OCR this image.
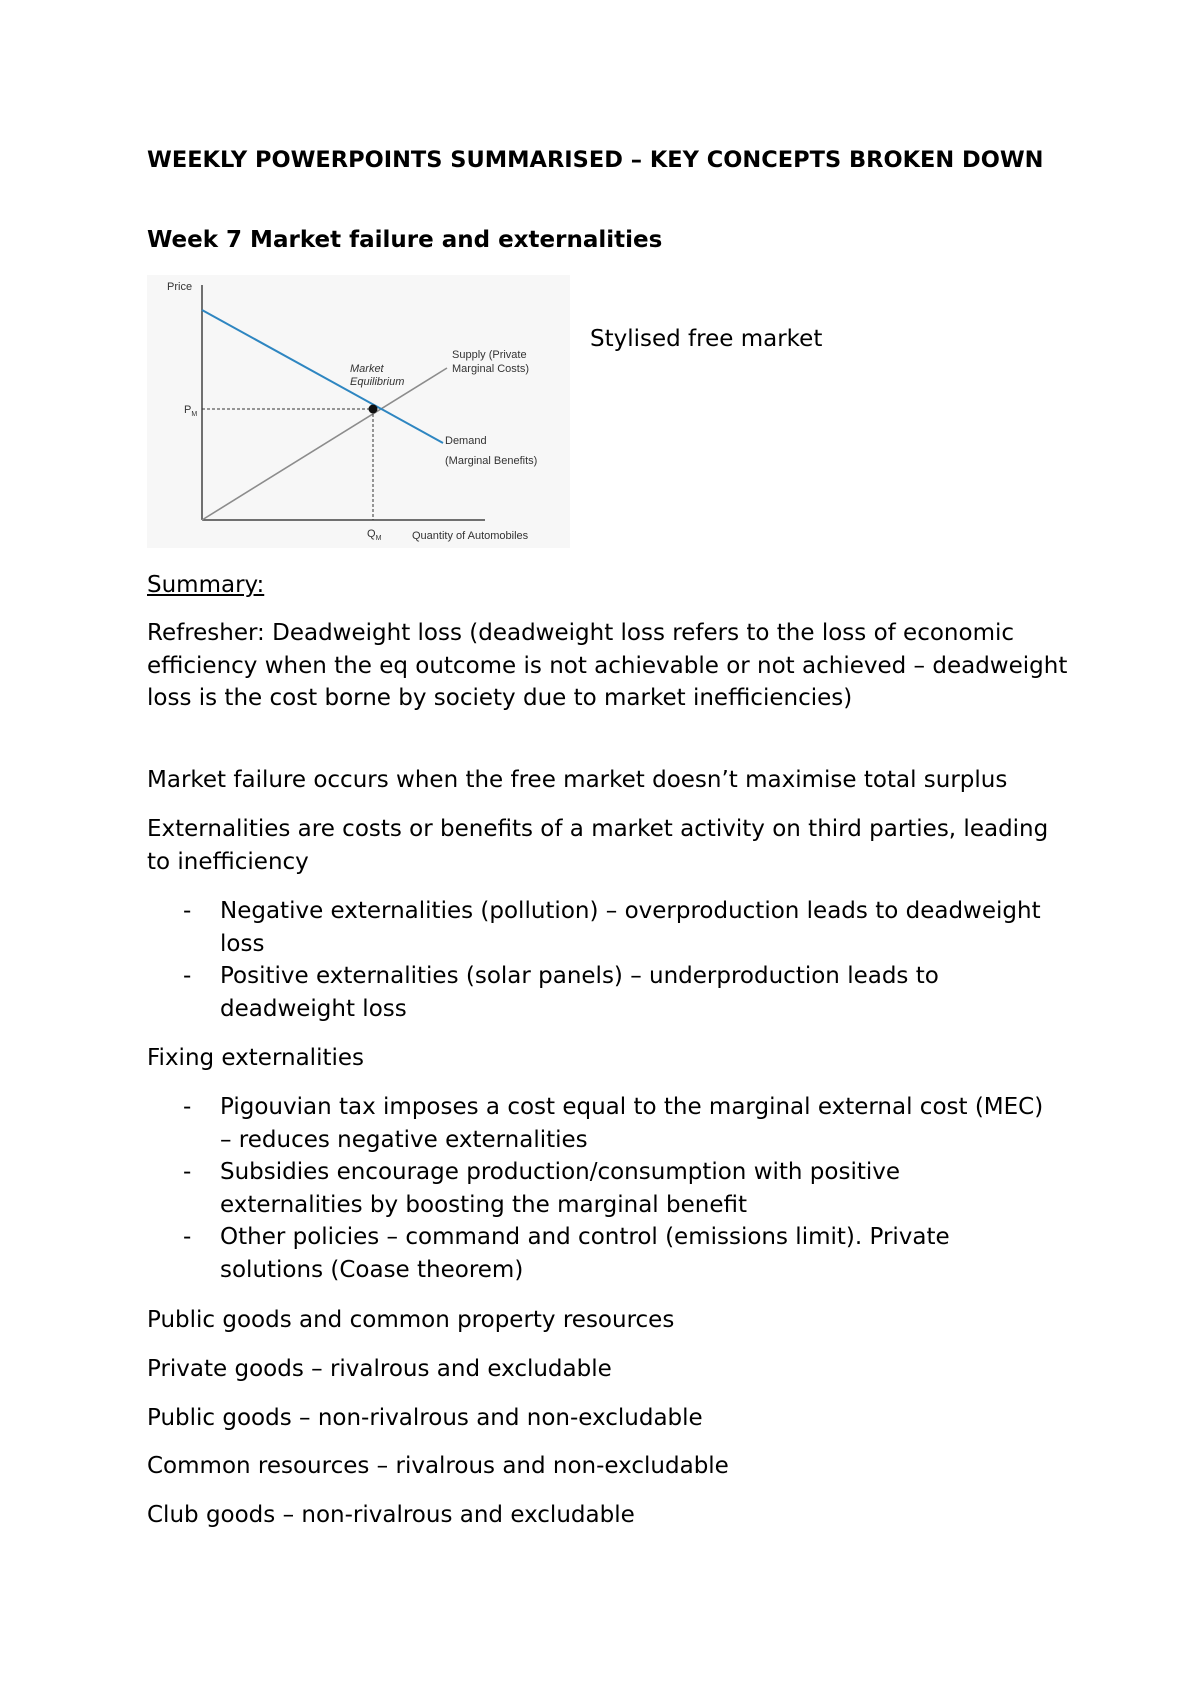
WEEKLY POWERPOINTS SUMMARISED – KEY CONCEPTS BROKEN DOWN
Week 7 Market failure and externalities
Price
$P_M$
$Q_M$	Quantity of Automobiles
Market
Equilibrium
Supply (Private
Marginal Costs)
Demand
(Marginal Benefits)
Stylised free market
Summary:

Refresher: Deadweight loss (deadweight loss refers to the loss of economic efficiency when the eq outcome is not achievable or not achieved – deadweight loss is the cost borne by society due to market inefficiencies)

Market failure occurs when the free market doesn’t maximise total surplus

Externalities are costs or benefits of a market activity on third parties, leading to inefficiency

- Negative externalities (pollution) – overproduction leads to deadweight loss
- Positive externalities (solar panels) – underproduction leads to deadweight loss

Fixing externalities

- Pigouvian tax imposes a cost equal to the marginal external cost (MEC) – reduces negative externalities
- Subsidies encourage production/consumption with positive externalities by boosting the marginal benefit
- Other policies – command and control (emissions limit). Private solutions (Coase theorem)

Public goods and common property resources

Private goods – rivalrous and excludable

Public goods – non-rivalrous and non-excludable

Common resources – rivalrous and non-excludable

Club goods – non-rivalrous and excludable
